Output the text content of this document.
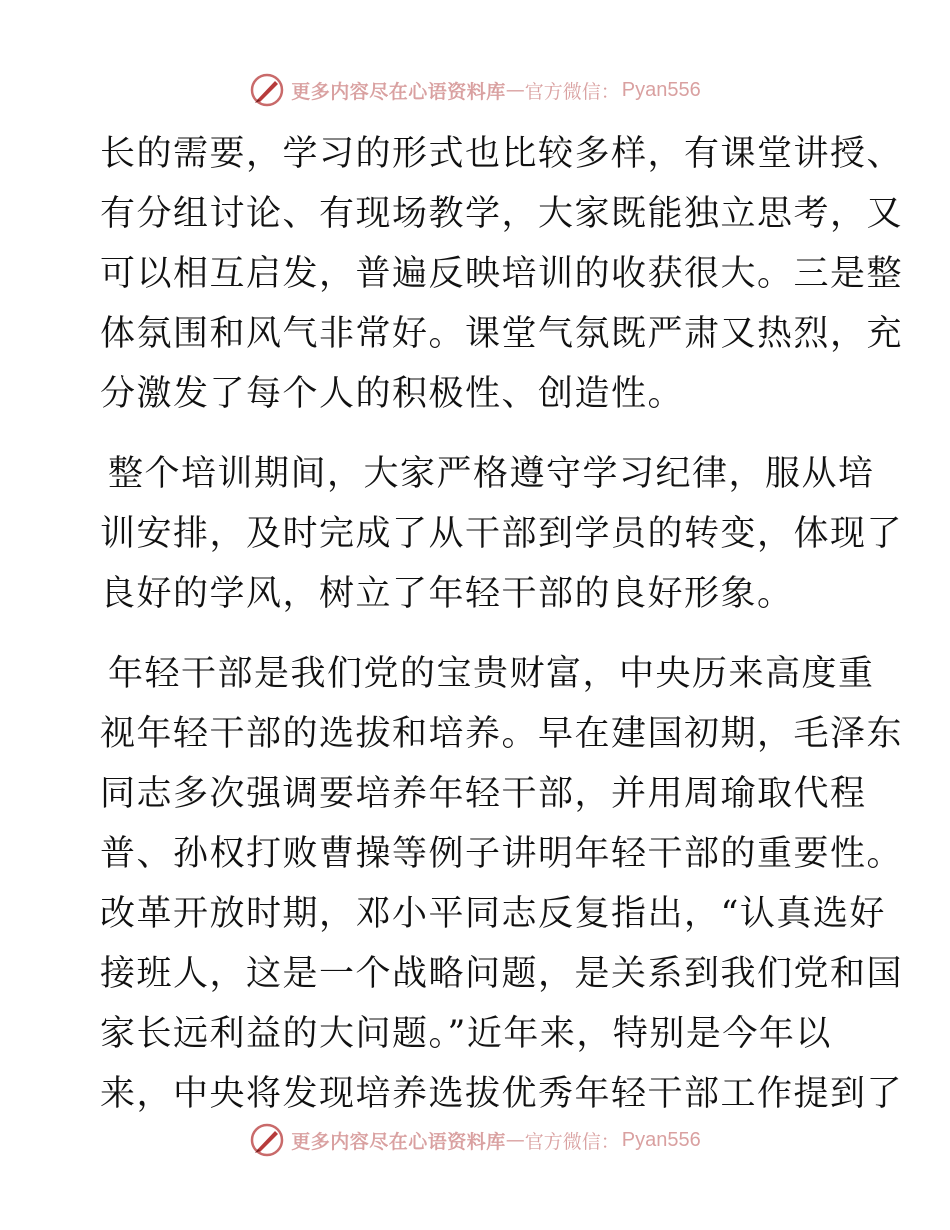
更多内容尽在心语资料库 — 官方微信： Pyan556
长的需要，学习的形式也比较多样，有课堂讲授、
有分组讨论、有现场教学，大家既能独立思考，又
可以相互启发，普遍反映培训的收获很大。三是整
体氛围和风气非常好。课堂气氛既严肃又热烈，充
分激发了每个人的积极性、创造性。
整个培训期间，大家严格遵守学习纪律，服从培
训安排，及时完成了从干部到学员的转变，体现了
良好的学风，树立了年轻干部的良好形象。
年轻干部是我们党的宝贵财富，中央历来高度重
视年轻干部的选拔和培养。早在建国初期，毛泽东
同志多次强调要培养年轻干部，并用周瑜取代程
普、孙权打败曹操等例子讲明年轻干部的重要性。
改革开放时期，邓小平同志反复指出，“认真选好
接班人，这是一个战略问题，是关系到我们党和国
家长远利益的大问题。”近年来，特别是今年以
来，中央将发现培养选拔优秀年轻干部工作提到了
更多内容尽在心语资料库 — 官方微信： Pyan556
